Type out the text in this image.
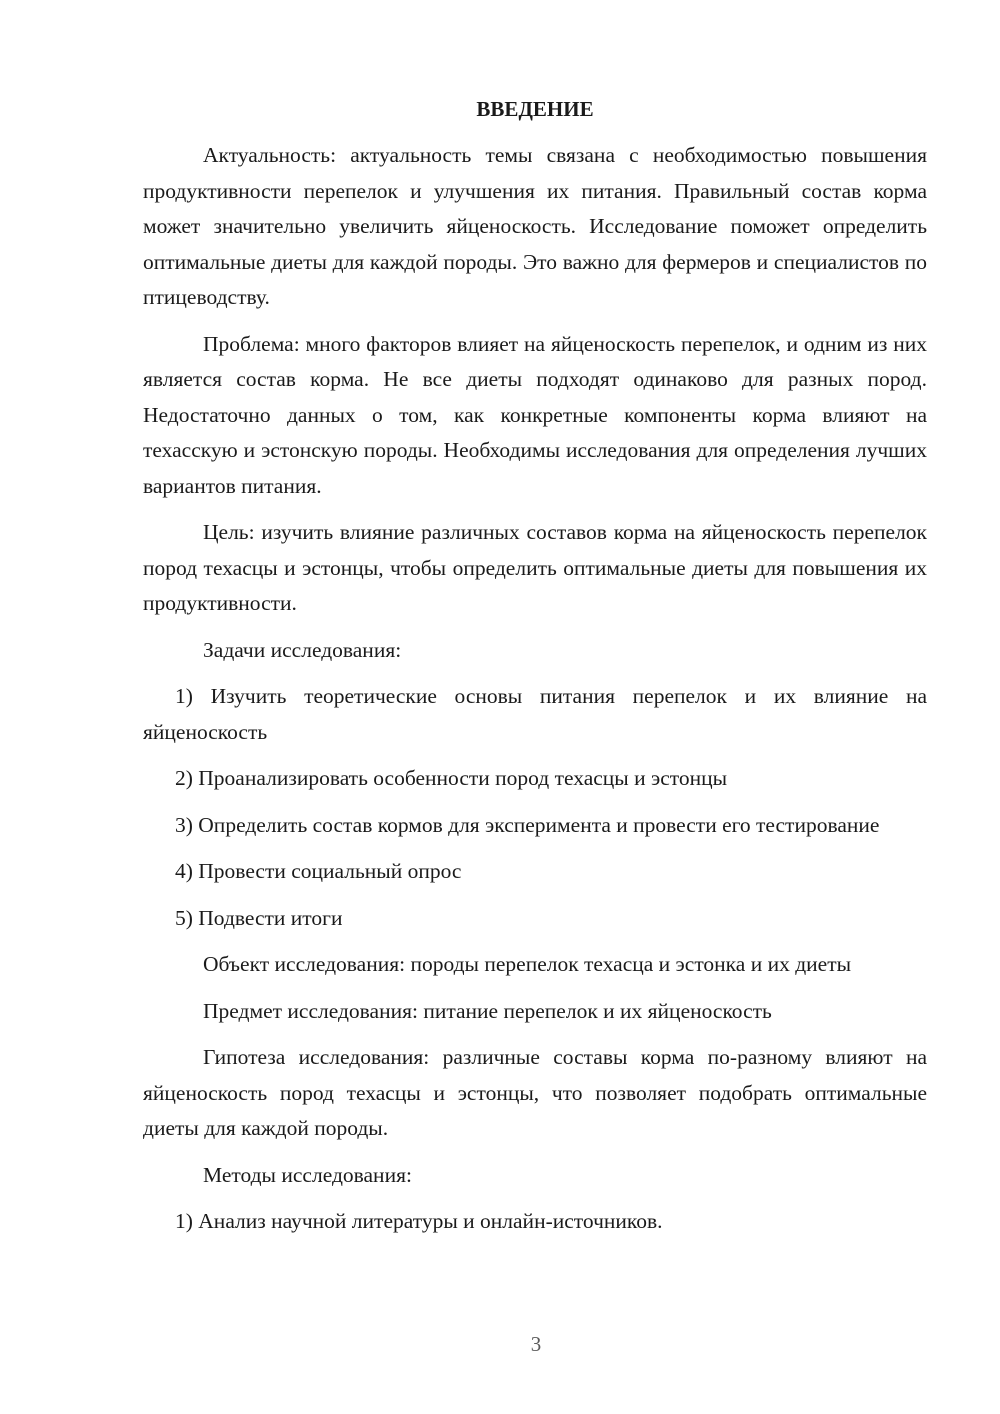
ВВЕДЕНИЕ

Актуальность: актуальность темы связана с необходимостью повышения продуктивности перепелок и улучшения их питания. Правильный состав корма может значительно увеличить яйценоскость. Исследование поможет определить оптимальные диеты для каждой породы. Это важно для фермеров и специалистов по птицеводству.

Проблема: много факторов влияет на яйценоскость перепелок, и одним из них является состав корма. Не все диеты подходят одинаково для разных пород. Недостаточно данных о том, как конкретные компоненты корма влияют на техасскую и эстонскую породы. Необходимы исследования для определения лучших вариантов питания.

Цель: изучить влияние различных составов корма на яйценоскость перепелок пород техасцы и эстонцы, чтобы определить оптимальные диеты для повышения их продуктивности.

Задачи исследования:

1) Изучить теоретические основы питания перепелок и их влияние на яйценоскость

2) Проанализировать особенности пород техасцы и эстонцы

3) Определить состав кормов для эксперимента и провести его тестирование

4) Провести социальный опрос

5) Подвести итоги

Объект исследования: породы перепелок техасца и эстонка и их диеты

Предмет исследования: питание перепелок и их яйценоскость

Гипотеза исследования: различные составы корма по-разному влияют на яйценоскость пород техасцы и эстонцы, что позволяет подобрать оптимальные диеты для каждой породы.

Методы исследования:

1) Анализ научной литературы и онлайн-источников.

3
